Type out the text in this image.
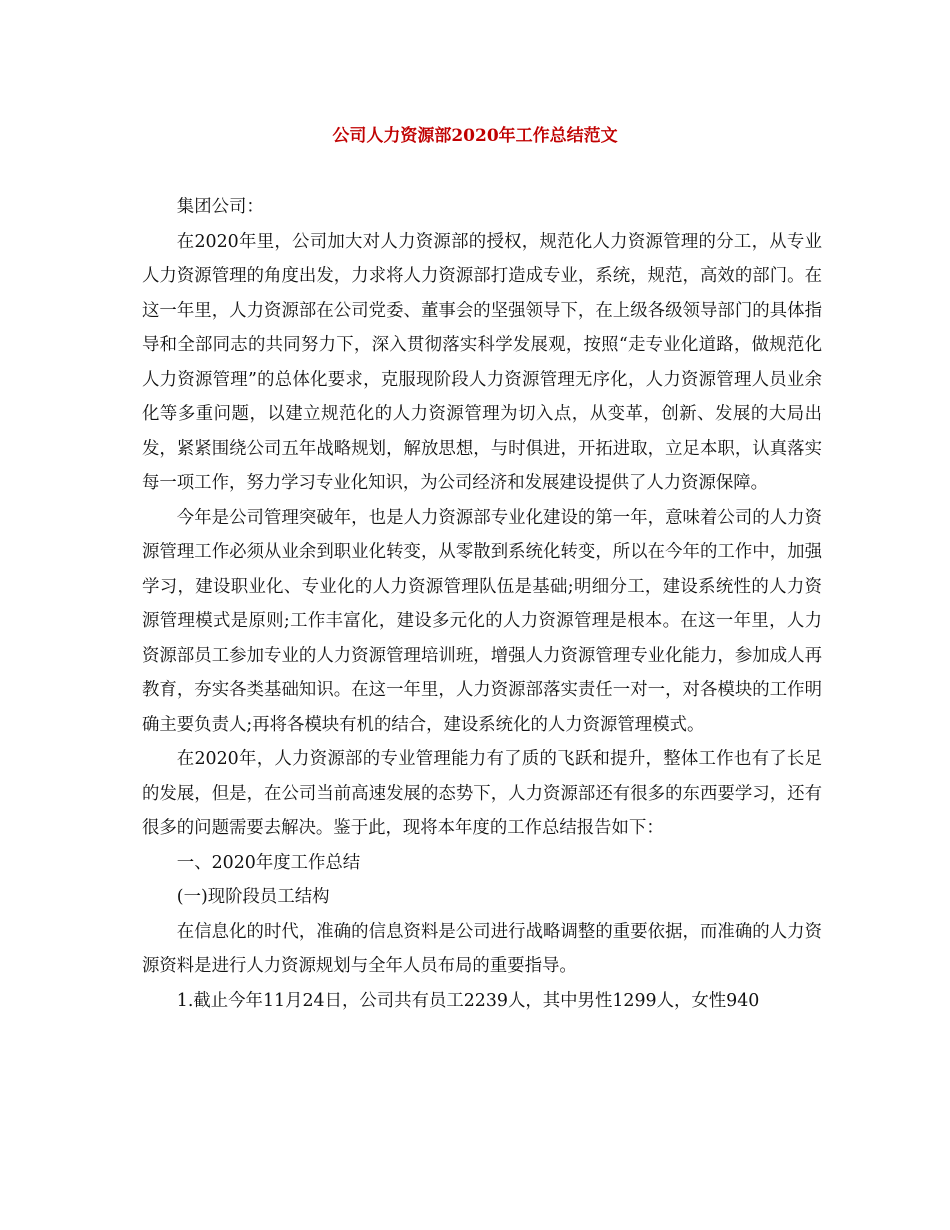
公司人力资源部2020年工作总结范文

集团公司：

在2020年里，公司加大对人力资源部的授权，规范化人力资源管理的分工，从专业人力资源管理的角度出发，力求将人力资源部打造成专业，系统，规范，高效的部门。在这一年里，人力资源部在公司党委、董事会的坚强领导下，在上级各级领导部门的具体指导和全部同志的共同努力下，深入贯彻落实科学发展观，按照“走专业化道路，做规范化人力资源管理”的总体化要求，克服现阶段人力资源管理无序化，人力资源管理人员业余化等多重问题，以建立规范化的人力资源管理为切入点，从变革，创新、发展的大局出发，紧紧围绕公司五年战略规划，解放思想，与时俱进，开拓进取，立足本职，认真落实每一项工作，努力学习专业化知识，为公司经济和发展建设提供了人力资源保障。

今年是公司管理突破年，也是人力资源部专业化建设的第一年，意味着公司的人力资源管理工作必须从业余到职业化转变，从零散到系统化转变，所以在今年的工作中，加强学习，建设职业化、专业化的人力资源管理队伍是基础;明细分工，建设系统性的人力资源管理模式是原则;工作丰富化，建设多元化的人力资源管理是根本。在这一年里，人力资源部员工参加专业的人力资源管理培训班，增强人力资源管理专业化能力，参加成人再教育，夯实各类基础知识。在这一年里，人力资源部落实责任一对一，对各模块的工作明确主要负责人;再将各模块有机的结合，建设系统化的人力资源管理模式。

在2020年，人力资源部的专业管理能力有了质的飞跃和提升，整体工作也有了长足的发展，但是，在公司当前高速发展的态势下，人力资源部还有很多的东西要学习，还有很多的问题需要去解决。鉴于此，现将本年度的工作总结报告如下：

一、2020年度工作总结

(一)现阶段员工结构

在信息化的时代，准确的信息资料是公司进行战略调整的重要依据，而准确的人力资源资料是进行人力资源规划与全年人员布局的重要指导。

1.截止今年11月24日，公司共有员工2239人，其中男性1299人，女性940
